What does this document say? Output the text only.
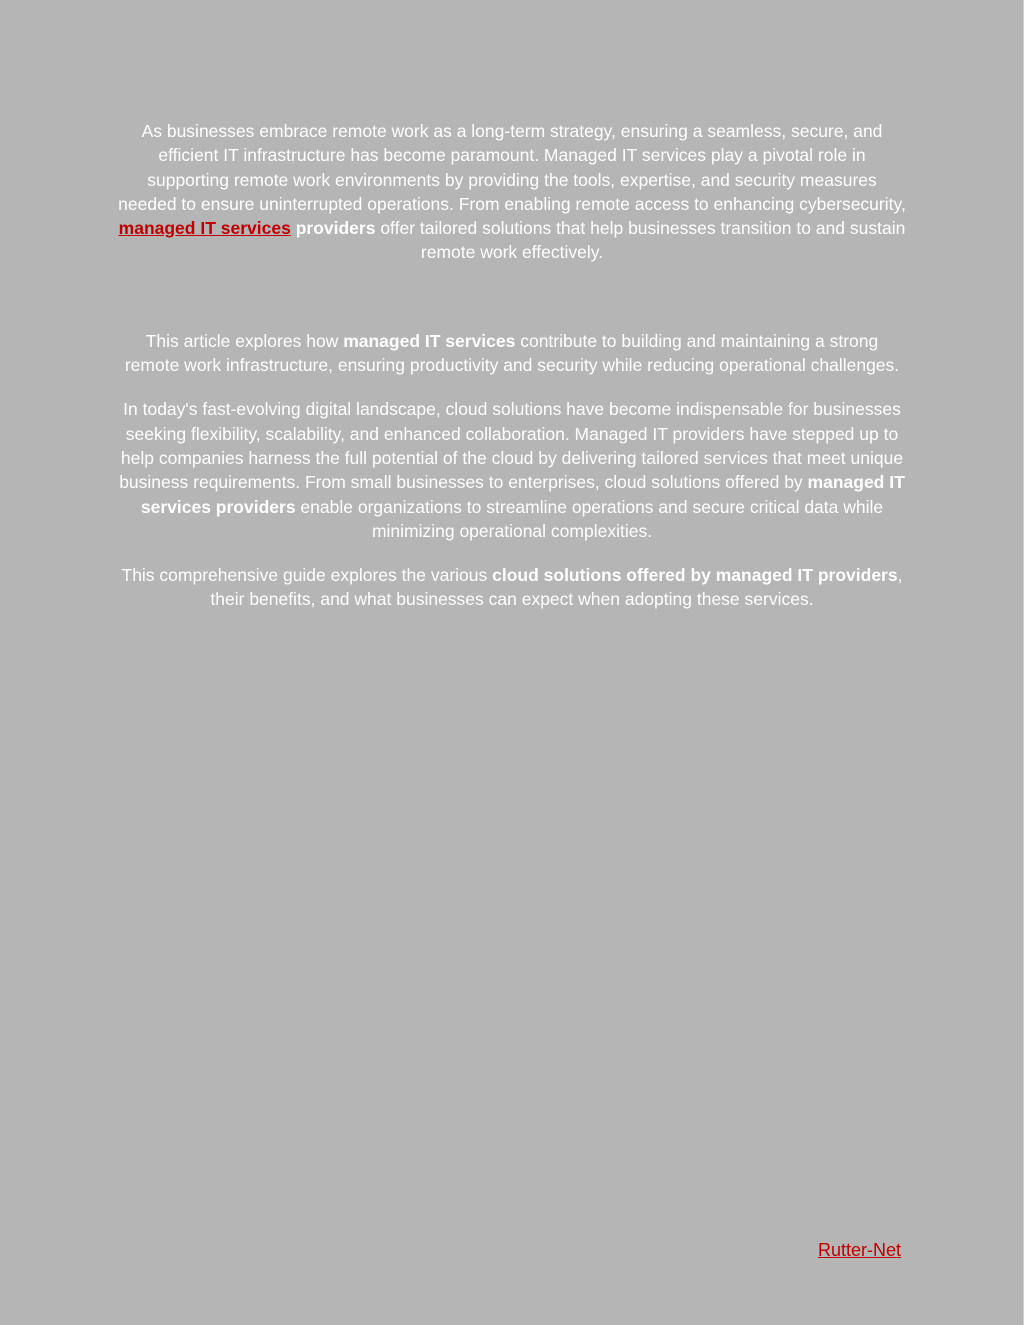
As businesses embrace remote work as a long-term strategy, ensuring a seamless, secure, and efficient IT infrastructure has become paramount. Managed IT services play a pivotal role in supporting remote work environments by providing the tools, expertise, and security measures needed to ensure uninterrupted operations. From enabling remote access to enhancing cybersecurity, managed IT services providers offer tailored solutions that help businesses transition to and sustain remote work effectively.

This article explores how managed IT services contribute to building and maintaining a strong remote work infrastructure, ensuring productivity and security while reducing operational challenges.

In today's fast-evolving digital landscape, cloud solutions have become indispensable for businesses seeking flexibility, scalability, and enhanced collaboration. Managed IT providers have stepped up to help companies harness the full potential of the cloud by delivering tailored services that meet unique business requirements. From small businesses to enterprises, cloud solutions offered by managed IT services providers enable organizations to streamline operations and secure critical data while minimizing operational complexities.

This comprehensive guide explores the various cloud solutions offered by managed IT providers, their benefits, and what businesses can expect when adopting these services.

Rutter-Net
